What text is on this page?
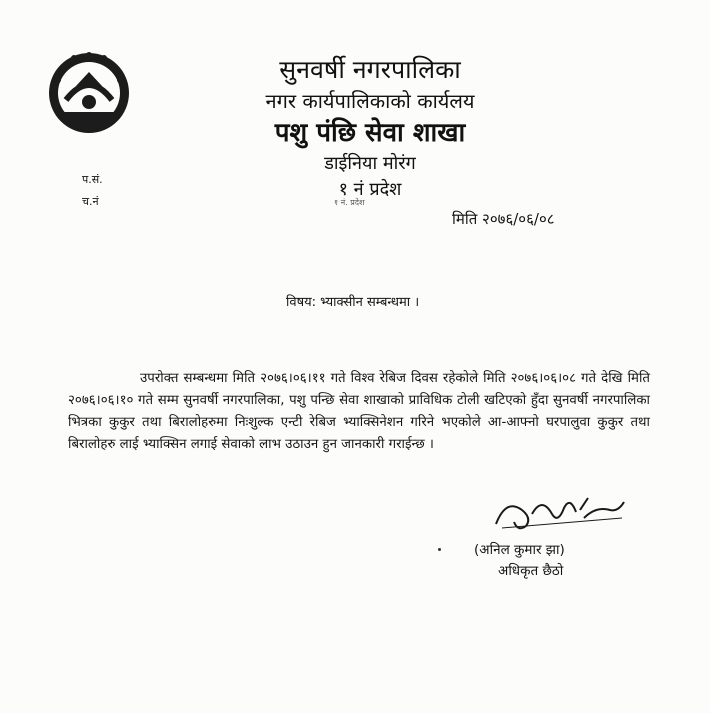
सुनवर्षी नगरपालिका
नगर कार्यपालिकाको कार्यलय
पशु पंछि सेवा शाखा
डाईनिया मोरंग
१ नं प्रदेश
१ नं. प्रदेश
प.सं.
च.नं
मिति २०७६/०६/०८
विषय: भ्याक्सीन सम्बन्धमा ।

उपरोक्त सम्बन्धमा मिति २०७६।०६।११ गते विश्व रेबिज दिवस रहेकोले मिति २०७६।०६।०८ गते देखि मिति २०७६।०६।१० गते सम्म सुनवर्षी नगरपालिका, पशु पन्छि सेवा शाखाको प्राविधिक टोली खटिएको हुँदा सुनवर्षी नगरपालिका भित्रका कुकुर तथा बिरालोहरुमा निःशुल्क एन्टी रेबिज भ्याक्सिनेशन गरिने भएकोले आ-आफ्नो घरपालुवा कुकुर तथा बिरालोहरु लाई भ्याक्सिन लगाई सेवाको लाभ उठाउन हुन जानकारी गराईन्छ ।

(अनिल कुमार झा)
अधिकृत छैठो
